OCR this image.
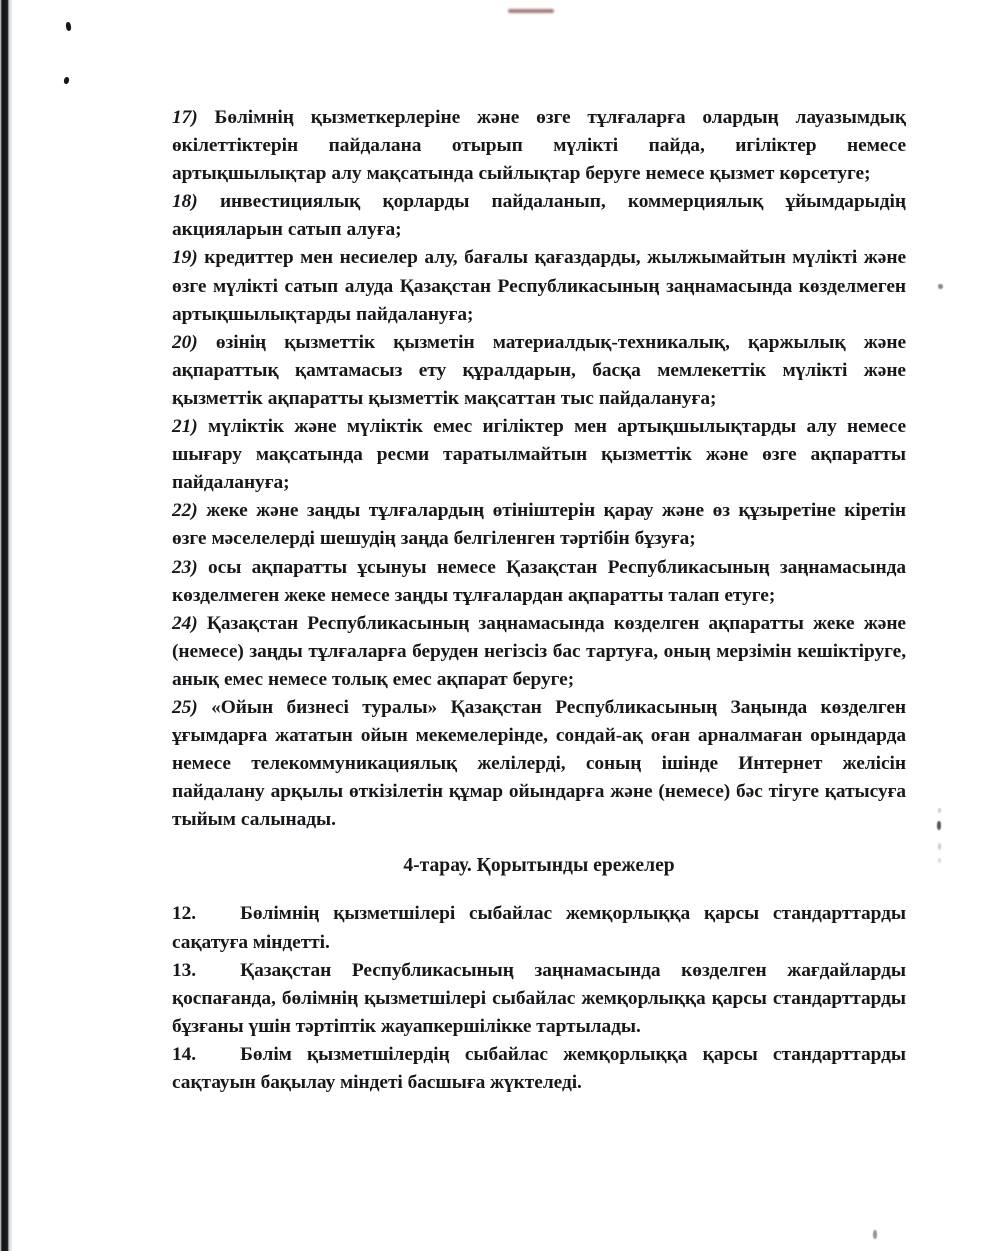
17) Бөлімнің қызметкерлеріне және өзге тұлғаларға олардың лауазымдық өкілеттіктерін пайдалана отырып мүлікті пайда, игіліктер немесе артықшылықтар алу мақсатында сыйлықтар беруге немесе қызмет көрсетуге;

18) инвестициялық қорларды пайдаланып, коммерциялық ұйымдарыдің акцияларын сатып алуға;

19) кредиттер мен несиелер алу, бағалы қағаздарды, жылжымайтын мүлікті және өзге мүлікті сатып алуда Қазақстан Республикасының заңнамасында көзделмеген артықшылықтарды пайдалануға;

20) өзінің қызметтік қызметін материалдық-техникалық, қаржылық және ақпараттық қамтамасыз ету құралдарын, басқа мемлекеттік мүлікті және қызметтік ақпаратты қызметтік мақсаттан тыс пайдалануға;

21) мүліктік және мүліктік емес игіліктер мен артықшылықтарды алу немесе шығару мақсатында ресми таратылмайтын қызметтік және өзге ақпаратты пайдалануға;

22) жеке және заңды тұлғалардың өтініштерін қарау және өз құзыретіне кіретін өзге мәселелерді шешудің заңда белгіленген тәртібін бұзуға;

23) осы ақпаратты ұсынуы немесе Қазақстан Республикасының заңнамасында көзделмеген жеке немесе заңды тұлғалардан ақпаратты талап етуге;

24) Қазақстан Республикасының заңнамасында көзделген ақпаратты жеке және (немесе) заңды тұлғаларға беруден негізсіз бас тартуға, оның мерзімін кешіктіруге, анық емес немесе толық емес ақпарат беруге;

25) «Ойын бизнесі туралы» Қазақстан Республикасының Заңында көзделген ұғымдарға жататын ойын мекемелерінде, сондай-ақ оған арналмаған орындарда немесе телекоммуникациялық желілерді, соның ішінде Интернет желісін пайдалану арқылы өткізілетін құмар ойындарға және (немесе) бәс тігуге қатысуға тыйым салынады.

4-тарау. Қорытынды ережелер

12. Бөлімнің қызметшілері сыбайлас жемқорлыққа қарсы стандарттарды сақатуға міндетті.

13. Қазақстан Республикасының заңнамасында көзделген жағдайларды қоспағанда, бөлімнің қызметшілері сыбайлас жемқорлыққа қарсы стандарттарды бұзғаны үшін тәртіптік жауапкершілікке тартылады.

14. Бөлім қызметшілердің сыбайлас жемқорлыққа қарсы стандарттарды сақтауын бақылау міндеті басшыға жүктеледі.
